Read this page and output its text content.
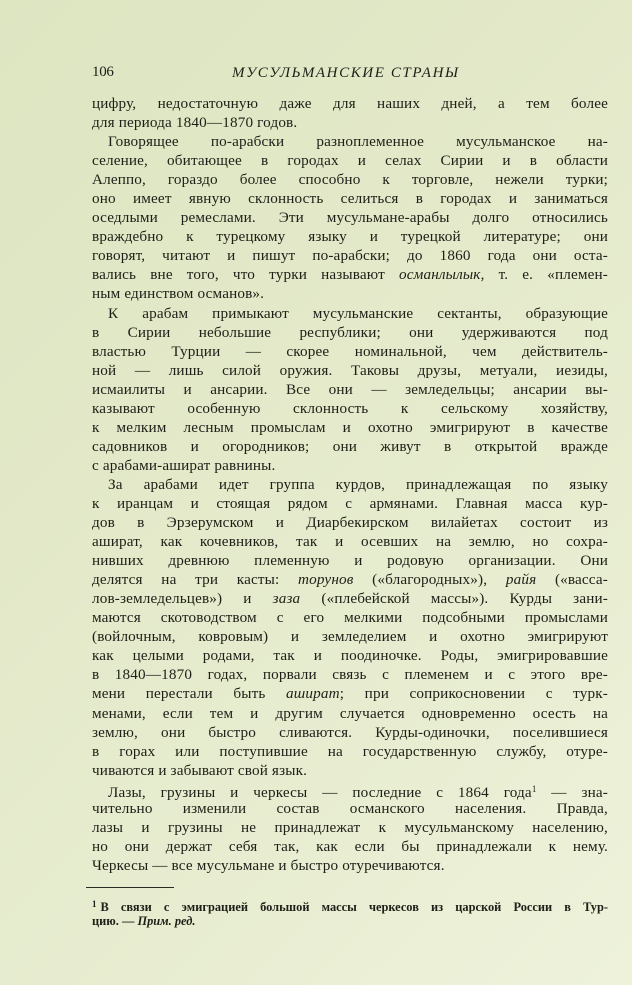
106	МУСУЛЬМАНСКИЕ СТРАНЫ
цифру, недостаточную даже для наших дней, а тем более
для периода 1840—1870 годов.
Говорящее по-арабски разноплеменное мусульманское на-
селение, обитающее в городах и селах Сирии и в области
Алеппо, гораздо более способно к торговле, нежели турки;
оно имеет явную склонность селиться в городах и заниматься
оседлыми ремеслами. Эти мусульмане-арабы долго относились
враждебно к турецкому языку и турецкой литературе; они
говорят, читают и пишут по-арабски; до 1860 года они оста-
вались вне того, что турки называют османлылык, т. е. «племен-
ным единством османов».
К арабам примыкают мусульманские сектанты, образующие
в Сирии небольшие республики; они удерживаются под
властью Турции — скорее номинальной, чем действитель-
ной — лишь силой оружия. Таковы друзы, метуали, иезиды,
исмаилиты и ансарии. Все они — земледельцы; ансарии вы-
казывают особенную склонность к сельскому хозяйству,
к мелким лесным промыслам и охотно эмигрируют в качестве
садовников и огородников; они живут в открытой вражде
с арабами-ашират равнины.
За арабами идет группа курдов, принадлежащая по языку
к иранцам и стоящая рядом с армянами. Главная масса кур-
дов в Эрзерумском и Диарбекирском вилайетах состоит из
ашират, как кочевников, так и осевших на землю, но сохра-
нивших древнюю племенную и родовую организации. Они
делятся на три касты: торунов («благородных»), райя («васса-
лов-земледельцев») и заза («плебейской массы»). Курды зани-
маются скотоводством с его мелкими подсобными промыслами
(войлочным, ковровым) и земледелием и охотно эмигрируют
как целыми родами, так и поодиночке. Роды, эмигрировавшие
в 1840—1870 годах, порвали связь с племенем и с этого вре-
мени перестали быть ашират; при соприкосновении с турк-
менами, если тем и другим случается одновременно осесть на
землю, они быстро сливаются. Курды-одиночки, поселившиеся
в горах или поступившие на государственную службу, отуре-
чиваются и забывают свой язык.
Лазы, грузины и черкесы — последние с 1864 года$^1$ — зна-
чительно изменили состав османского населения. Правда,
лазы и грузины не принадлежат к мусульманскому населению,
но они держат себя так, как если бы принадлежали к нему.
Черкесы — все мусульмане и быстро отуречиваются.
$^1$ В связи с эмиграцией большой массы черкесов из царской России в Тур-
цию. — Прим. ред.
